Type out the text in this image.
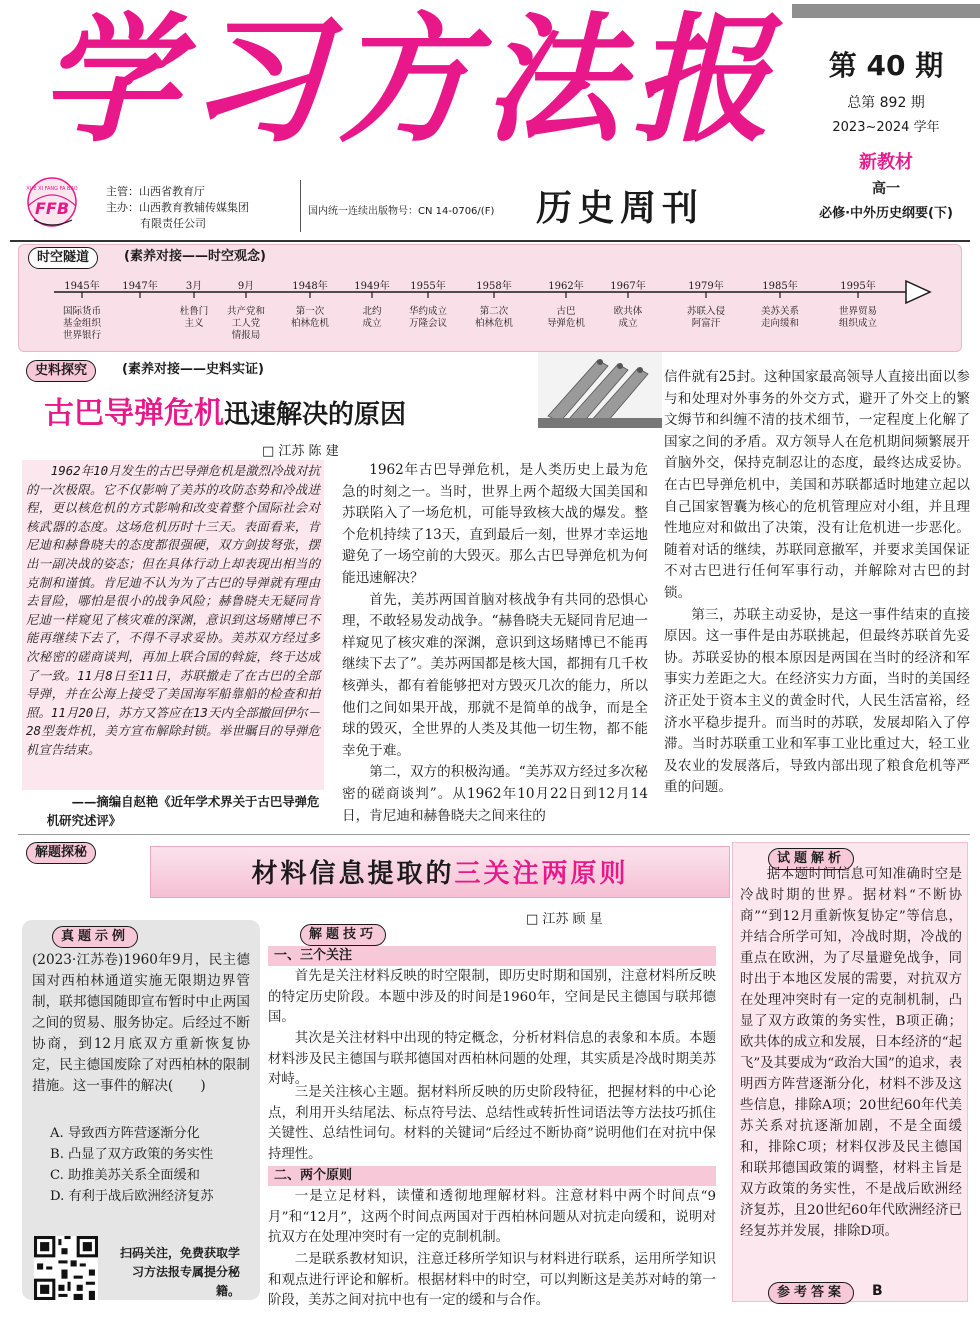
学习方法报	第 40 期
总第 892 期
2023~2024 学年
新教材
高一
必修·中外历史纲要(下)
XUE XI FANG FA BAO
FFB
主管：山西省教育厅
主办：山西教育教辅传媒集团
有限责任公司
国内统一连续出版物号：CN 14-0706/(F)	历史周刊
时空隧道	(素养对接——时空观念)
1945年
国际货币
基金组织
世界银行
1947年	3月
杜鲁门
主义
9月
共产党和
工人党
情报局
1948年
第一次
柏林危机
1949年
北约
成立
1955年
华约成立
万隆会议
1958年
第二次
柏林危机
1962年
古巴
导弹危机
1967年
欧共体
成立
1979年
苏联入侵
阿富汗
1985年
美苏关系
走向缓和
1995年
世界贸易
组织成立
史料探究	(素养对接——史料实证)
古巴导弹危机迅速解决的原因
□ 江苏 陈 建

1962年10月发生的古巴导弹危机是激烈冷战对抗的一次极限。它不仅影响了美苏的攻防态势和冷战进程，更以核危机的方式影响和改变着整个国际社会对核武器的态度。这场危机历时十三天。表面看来，肯尼迪和赫鲁晓夫的态度都很强硬，双方剑拔弩张，摆出一副决战的姿态；但在具体行动上却表现出相当的克制和谨慎。肯尼迪不认为为了古巴的导弹就有理由去冒险，哪怕是很小的战争风险；赫鲁晓夫无疑同肯尼迪一样窥见了核灾难的深渊，意识到这场赌博已不能再继续下去了，不得不寻求妥协。美苏双方经过多次秘密的磋商谈判，再加上联合国的斡旋，终于达成了一致。11月8日至11日，苏联撤走了在古巴的全部导弹，并在公海上接受了美国海军船靠船的检查和拍照。11月20日，苏方又答应在13天内全部撤回伊尔－28型轰炸机，美方宣布解除封锁。举世瞩目的导弹危机宣告结束。

——摘编自赵艳《近年学术界关于古巴导弹危机研究述评》

1962年古巴导弹危机，是人类历史上最为危急的时刻之一。当时，世界上两个超级大国美国和苏联陷入了一场危机，可能导致核大战的爆发。整个危机持续了13天，直到最后一刻，世界才幸运地避免了一场空前的大毁灭。那么古巴导弹危机为何能迅速解决？

首先，美苏两国首脑对核战争有共同的恐惧心理，不敢轻易发动战争。“赫鲁晓夫无疑同肯尼迪一样窥见了核灾难的深渊，意识到这场赌博已不能再继续下去了”。美苏两国都是核大国，都拥有几千枚核弹头，都有着能够把对方毁灭几次的能力，所以他们之间如果开战，那就不是简单的战争，而是全球的毁灭，全世界的人类及其他一切生物，都不能幸免于难。

第二，双方的积极沟通。“美苏双方经过多次秘密的磋商谈判”。从1962年10月22日到12月14日，肯尼迪和赫鲁晓夫之间来往的

信件就有25封。这种国家最高领导人直接出面以参与和处理对外事务的外交方式，避开了外交上的繁文缛节和纠缠不清的技术细节，一定程度上化解了国家之间的矛盾。双方领导人在危机期间频繁展开首脑外交，保持克制忍让的态度，最终达成妥协。在古巴导弹危机中，美国和苏联都适时地建立起以自己国家智囊为核心的危机管理应对小组，并且理性地应对和做出了决策，没有让危机进一步恶化。随着对话的继续，苏联同意撤军，并要求美国保证不对古巴进行任何军事行动，并解除对古巴的封锁。

第三，苏联主动妥协，是这一事件结束的直接原因。这一事件是由苏联挑起，但最终苏联首先妥协。苏联妥协的根本原因是两国在当时的经济和军事实力差距之大。在经济实力方面，当时的美国经济正处于资本主义的黄金时代，人民生活富裕，经济水平稳步提升。而当时的苏联，发展却陷入了停滞。当时苏联重工业和军事工业比重过大，轻工业及农业的发展落后，导致内部出现了粮食危机等严重的问题。

解题探秘
材料信息提取的三关注两原则
□ 江苏 顾 星
真题示例
(2023·江苏卷)1960年9月，民主德国对西柏林通道实施无限期边界管制，联邦德国随即宣布暂时中止两国之间的贸易、服务协定。后经过不断协商，到12月底双方重新恢复协定，民主德国废除了对西柏林的限制措施。这一事件的解决(　　)
A. 导致西方阵营逐渐分化
B. 凸显了双方政策的务实性
C. 助推美苏关系全面缓和
D. 有利于战后欧洲经济复苏
扫码关注，免费获取学习方法报专属提分秘籍。
解题技巧
一、三个关注
首先是关注材料反映的时空限制，即历史时期和国别，注意材料所反映的特定历史阶段。本题中涉及的时间是1960年，空间是民主德国与联邦德国。
其次是关注材料中出现的特定概念，分析材料信息的表象和本质。本题材料涉及民主德国与联邦德国对西柏林问题的处理，其实质是冷战时期美苏对峙。
三是关注核心主题。据材料所反映的历史阶段特征，把握材料的中心论点，利用开头结尾法、标点符号法、总结性或转折性词语法等方法技巧抓住关键性、总结性词句。材料的关键词“后经过不断协商”说明他们在对抗中保持理性。
二、两个原则
一是立足材料，读懂和透彻地理解材料。注意材料中两个时间点“9月”和“12月”，这两个时间点两国对于西柏林问题从对抗走向缓和，说明对抗双方在处理冲突时有一定的克制机制。
二是联系教材知识，注意迁移所学知识与材料进行联系，运用所学知识和观点进行评论和解析。根据材料中的时空，可以判断这是美苏对峙的第一阶段，美苏之间对抗中也有一定的缓和与合作。
试题解析
据本题时间信息可知准确时空是冷战时期的世界。据材料“不断协商”“到12月重新恢复协定”等信息，并结合所学可知，冷战时期，冷战的重点在欧洲，为了尽量避免战争，同时出于本地区发展的需要，对抗双方在处理冲突时有一定的克制机制，凸显了双方政策的务实性，B项正确；欧共体的成立和发展，日本经济的“起飞”及其要成为“政治大国”的追求，表明西方阵营逐渐分化，材料不涉及这些信息，排除A项；20世纪60年代美苏关系对抗逐渐加剧，不是全面缓和，排除C项；材料仅涉及民主德国和联邦德国政策的调整，材料主旨是双方政策的务实性，不是战后欧洲经济复苏，且20世纪60年代欧洲经济已经复苏并发展，排除D项。
参考答案	B
